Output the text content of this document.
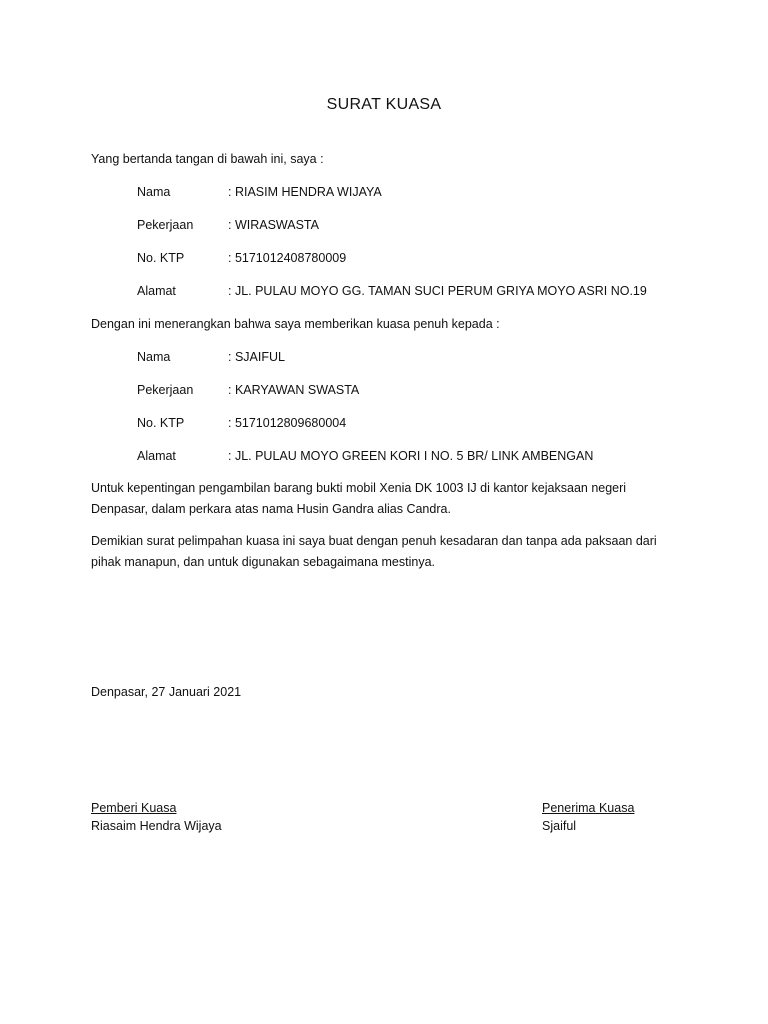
SURAT KUASA
Yang bertanda tangan di bawah ini, saya :
Nama	: RIASIM HENDRA WIJAYA
Pekerjaan	: WIRASWASTA
No. KTP	: 5171012408780009
Alamat	: JL. PULAU MOYO GG. TAMAN SUCI PERUM GRIYA MOYO ASRI NO.19
Dengan ini menerangkan bahwa saya memberikan kuasa penuh kepada :
Nama	: SJAIFUL
Pekerjaan	: KARYAWAN SWASTA
No. KTP	: 5171012809680004
Alamat	: JL. PULAU MOYO GREEN KORI I NO. 5 BR/ LINK AMBENGAN
Untuk kepentingan pengambilan barang bukti mobil Xenia DK 1003 IJ di kantor kejaksaan negeri Denpasar, dalam perkara atas nama Husin Gandra alias Candra.
Demikian surat pelimpahan kuasa ini saya buat dengan penuh kesadaran dan tanpa ada paksaan dari pihak manapun, dan untuk digunakan sebagaimana mestinya.
Denpasar, 27 Januari 2021
Pemberi Kuasa
Riasaim Hendra Wijaya
Penerima Kuasa
Sjaiful
